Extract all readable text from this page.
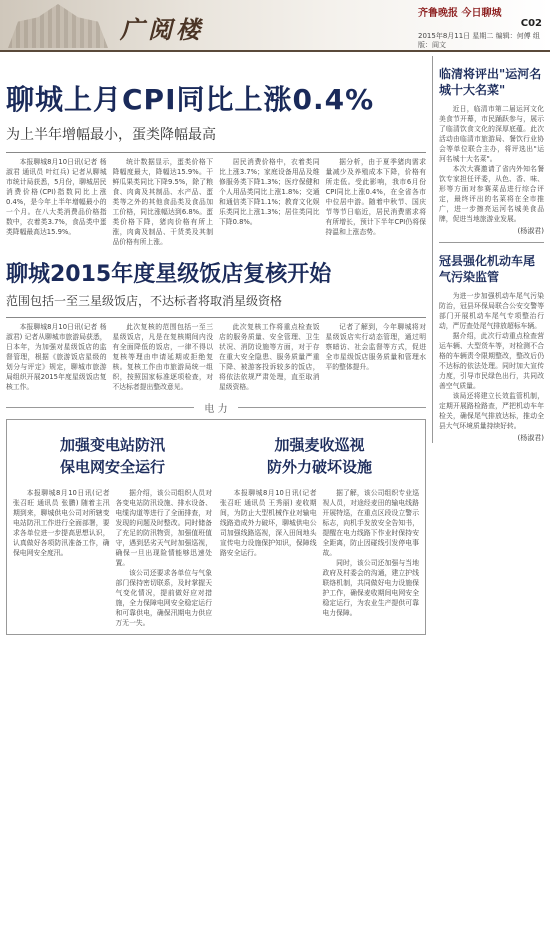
广阅楼
齐鲁晚报 今日聊城
C02
2015年8月11日 星期二 编辑：何傅 组版：阎文
聊城上月CPI同比上涨0.4%
为上半年增幅最小，蛋类降幅最高

本报聊城8月10日讯(记者 杨淑君 通讯员 叶红兵) 记者从聊城市统计局获悉，5月份，聊城居民消费价格(CPI)指数同比上涨0.4%，是今年上半年增幅最小的一个月。在八大类消费品价格指数中，衣着类3.7%，食品类中蛋类降幅最高达15.9%。

统计数据显示，蛋类价格下降幅度最大，降幅达15.9%。干鲜瓜果类同比下降9.5%，除了粮食、肉禽及其制品、水产品、蛋类等之外的其他食品类及食品加工价格，同比涨幅达到6.8%。蛋类价格下降，猪肉价格有所上涨，肉禽及制品、干货类及其制品价格有所上涨。

居民消费价格中，衣着类同比上涨3.7%；家庭设备用品及维修服务类下降1.3%；医疗保健和个人用品类同比上涨1.8%；交通和通信类下降1.1%；教育文化娱乐类同比上涨1.3%；居住类同比下降0.8%。

据分析，由于夏季猪肉需求量减少及养殖成本下降，价格有所走低。受此影响，我市6月份CPI同比上涨0.4%，在全省各市中位居中游。随着中秋节、国庆节等节日临近，居民消费需求将有所增长，预计下半年CPI仍将保持温和上涨态势。

聊城2015年度星级饭店复核开始
范围包括一至三星级饭店，不达标者将取消星级资格

本报聊城8月10日讯(记者 杨淑君) 记者从聊城市旅游局获悉，日本年，为加强对星级饭店的监督管理，根据《旅游饭店星级的划分与评定》规定，聊城市旅游局组织开展2015年度星级饭店复核工作。

此次复核的范围包括一至三星级饭店，凡是在复核期间内没有全面降低的饭店，一律不得以复核等理由申请延期或拒绝复核。复核工作由市旅游局统一组织，按照国家标准逐项检查，对不达标者提出整改意见。

此次复核工作将重点检查饭店的服务质量、安全管理、卫生状况、消防设施等方面，对于存在重大安全隐患、服务质量严重下降、被游客投诉较多的饭店，将依法依规严肃处理，直至取消星级资格。

记者了解到，今年聊城将对星级饭店实行动态管理，通过明察暗访、社会监督等方式，促进全市星级饭店服务质量和管理水平的整体提升。

电 力
加强变电站防汛
保电网安全运行

本报聊城8月10日讯(记者 张召旺 通讯员 张鹏) 随着主汛期到来，聊城供电公司对所辖变电站防汛工作进行全面部署，要求各单位进一步提高思想认识，认真做好各项防汛准备工作，确保电网安全度汛。

据介绍，该公司组织人员对各变电站防汛设施、排水设备、电缆沟道等进行了全面排查，对发现的问题及时整改。同时储备了充足的防汛物资，加强值班值守，遇到恶劣天气时加强巡视，确保一旦出现险情能够迅速处置。

该公司还要求各单位与气象部门保持密切联系，及时掌握天气变化情况，提前做好应对措施，全力保障电网安全稳定运行和可靠供电，确保汛期电力供应万无一失。

加强麦收巡视
防外力破坏设施

本报聊城8月10日讯(记者 张召旺 通讯员 王秀丽) 麦收期间，为防止大型机械作业对输电线路造成外力破坏，聊城供电公司加强线路巡视，深入田间地头宣传电力设施保护知识，保障线路安全运行。

据了解，该公司组织专业巡视人员，对途经麦田的输电线路开展特巡，在重点区段设立警示标志，向机手发放安全告知书，提醒在电力线路下作业时保持安全距离，防止因碰线引发停电事故。

同时，该公司还加强与当地政府及村委会的沟通，建立护线联络机制，共同做好电力设施保护工作，确保麦收期间电网安全稳定运行，为农业生产提供可靠电力保障。

临清将评出"运河名城十大名菜"

近日，临清市第二届运河文化美食节开幕，市民踊跃参与，展示了临清饮食文化的深厚底蕴。此次活动由临清市旅游局、餐饮行业协会等单位联合主办，将评选出"运河名城十大名菜"。

本次大赛邀请了省内外知名餐饮专家担任评委，从色、香、味、形等方面对参赛菜品进行综合评定，最终评出的名菜将在全市推广，进一步擦亮运河名城美食品牌，促进当地旅游业发展。

(杨淑君)
冠县强化机动车尾气污染监管

为进一步加强机动车尾气污染防治，冠县环保局联合公安交警等部门开展机动车尾气专项整治行动，严厉查处尾气排放超标车辆。

据介绍，此次行动重点检查营运车辆、大型货车等，对检测不合格的车辆责令限期整改，整改后仍不达标的依法处理。同时加大宣传力度，引导市民绿色出行，共同改善空气质量。

该局还将建立长效监管机制，定期开展路检路查，严把机动车年检关，确保尾气排放达标，推动全县大气环境质量持续好转。

(杨淑君)
